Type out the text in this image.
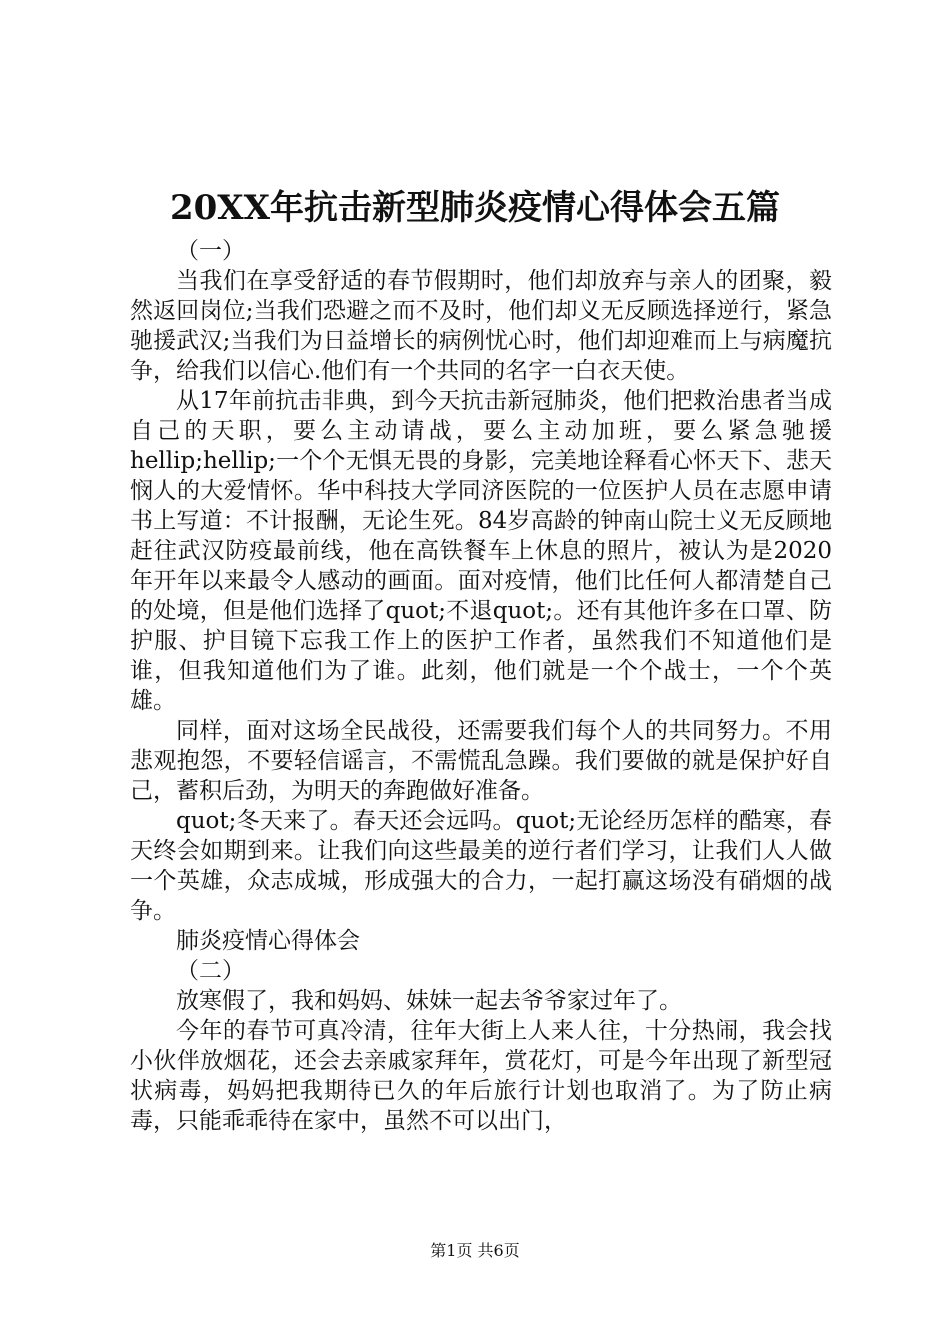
20XX年抗击新型肺炎疫情心得体会五篇

（一）

当我们在享受舒适的春节假期时，他们却放弃与亲人的团聚，毅然返回岗位;当我们恐避之而不及时，他们却义无反顾选择逆行，紧急驰援武汉;当我们为日益增长的病例忧心时，他们却迎难而上与病魔抗争，给我们以信心.他们有一个共同的名字一白衣天使。

从17年前抗击非典，到今天抗击新冠肺炎，他们把救治患者当成自己的天职，要么主动请战，要么主动加班，要么紧急驰援hellip;hellip;一个个无惧无畏的身影，完美地诠释看心怀天下、悲天悯人的大爱情怀。华中科技大学同济医院的一位医护人员在志愿申请书上写道：不计报酬，无论生死。84岁高龄的钟南山院士义无反顾地赶往武汉防疫最前线，他在高铁餐车上休息的照片，被认为是2020年开年以来最令人感动的画面。面对疫情，他们比任何人都清楚自己的处境，但是他们选择了quot;不退quot;。还有其他许多在口罩、防护服、护目镜下忘我工作上的医护工作者，虽然我们不知道他们是谁，但我知道他们为了谁。此刻，他们就是一个个战士，一个个英雄。

同样，面对这场全民战役，还需要我们每个人的共同努力。不用悲观抱怨，不要轻信谣言，不需慌乱急躁。我们要做的就是保护好自己，蓄积后劲，为明天的奔跑做好准备。

quot;冬天来了。春天还会远吗。quot;无论经历怎样的酷寒，春天终会如期到来。让我们向这些最美的逆行者们学习，让我们人人做一个英雄，众志成城，形成强大的合力，一起打赢这场没有硝烟的战争。

肺炎疫情心得体会

（二）

放寒假了，我和妈妈、妹妹一起去爷爷家过年了。

今年的春节可真冷清，往年大街上人来人往，十分热闹，我会找小伙伴放烟花，还会去亲戚家拜年，赏花灯，可是今年出现了新型冠状病毒，妈妈把我期待已久的年后旅行计划也取消了。为了防止病毒，只能乖乖待在家中，虽然不可以出门，

第1页 共6页
